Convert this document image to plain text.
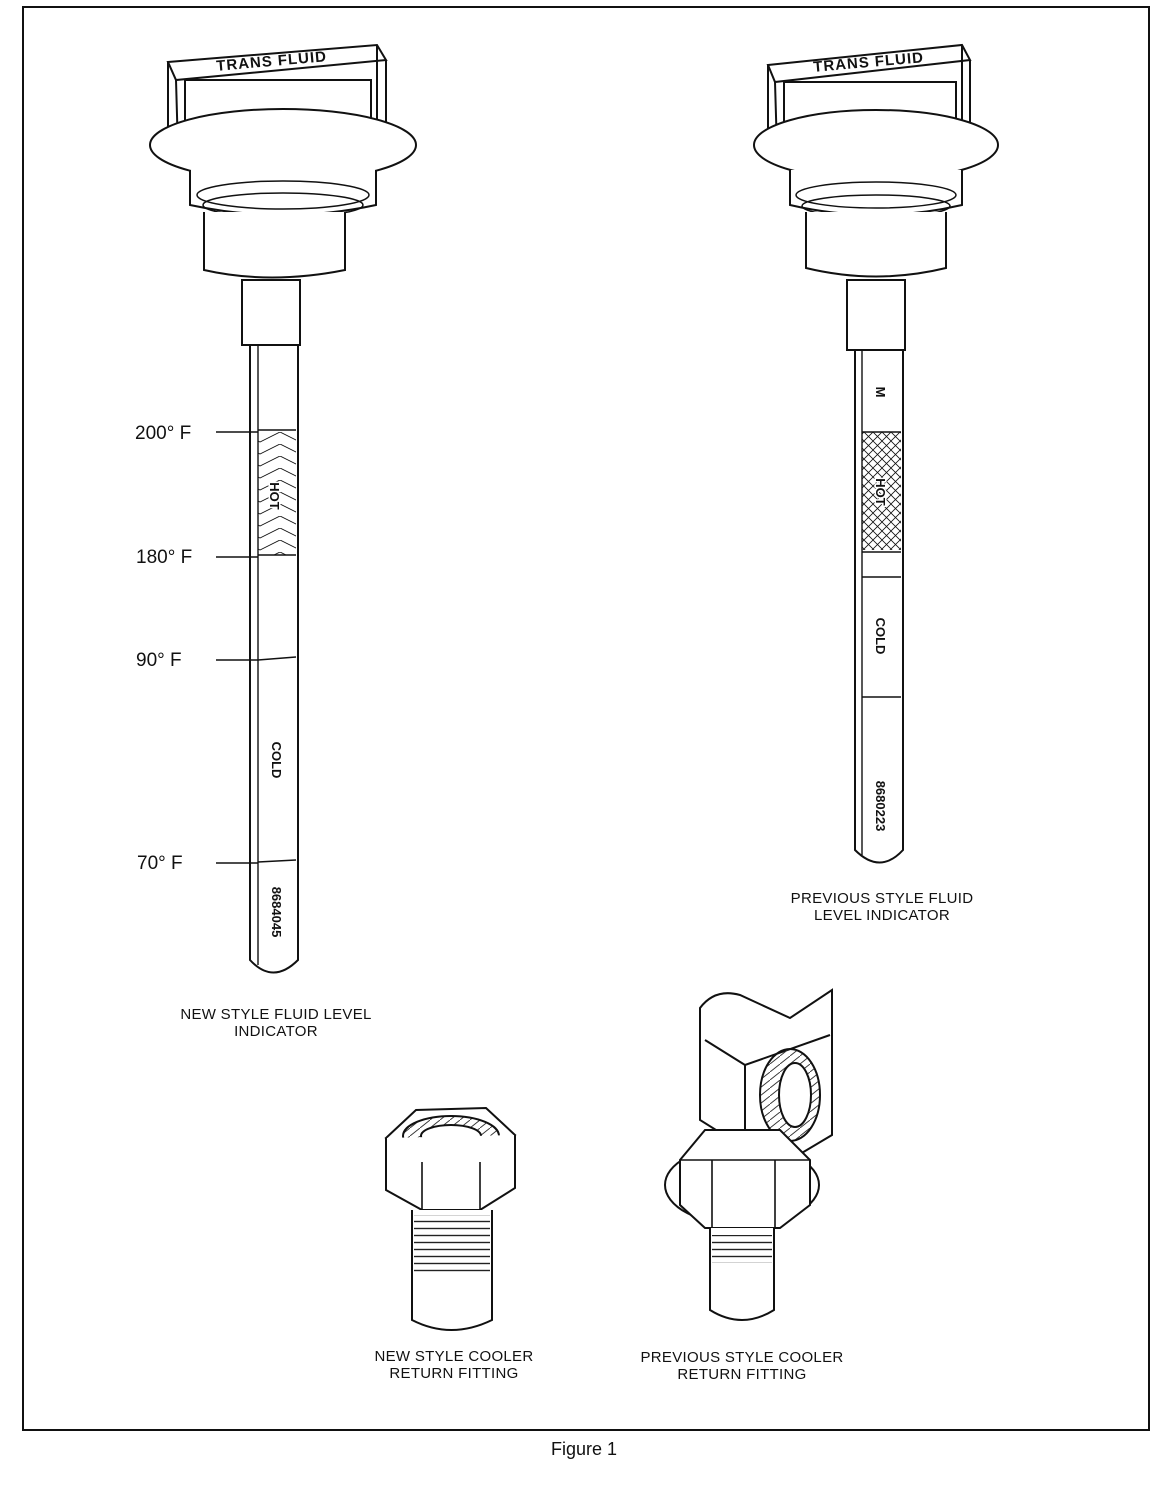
HOT
COLD
8684045
M
HOT
COLD
8680223
TRANS FLUID	TRANS FLUID
200° F
180° F
90° F
70° F
NEW STYLE FLUID LEVEL
INDICATOR
PREVIOUS STYLE FLUID
LEVEL INDICATOR
NEW STYLE COOLER
RETURN FITTING
PREVIOUS STYLE COOLER
RETURN FITTING
Figure 1
